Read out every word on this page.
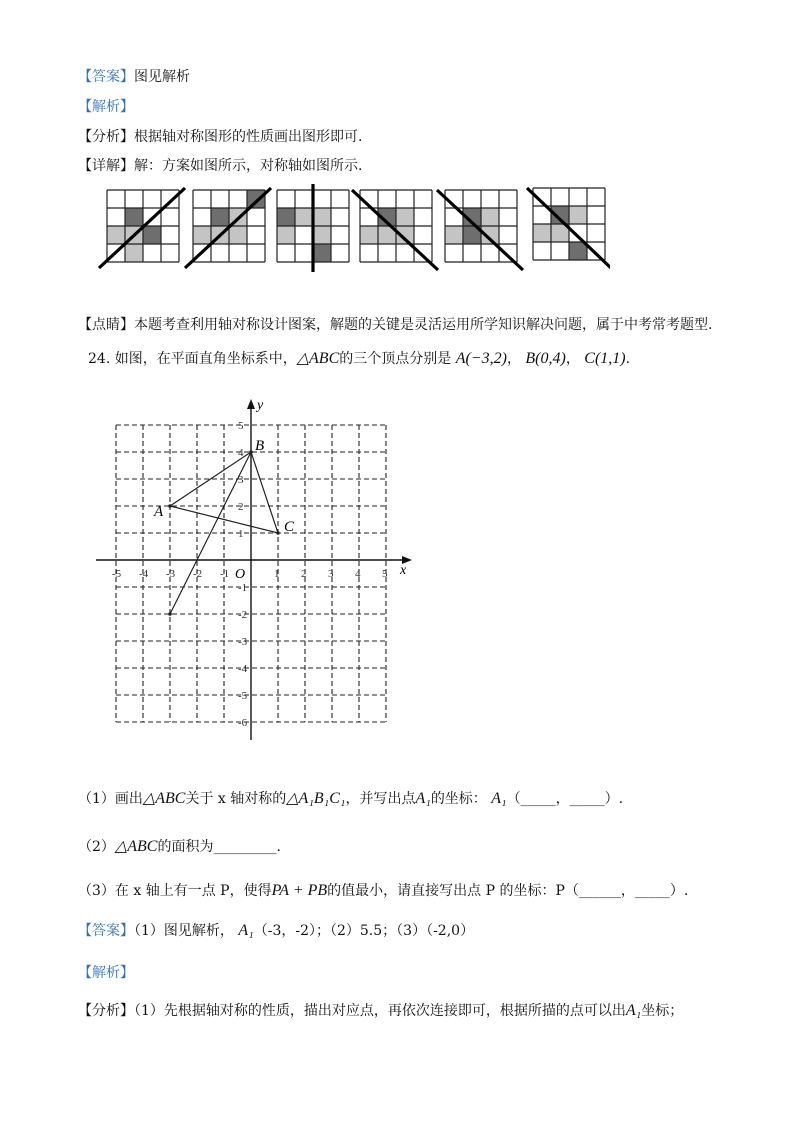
【答案】图见解析
【解析】
【分析】根据轴对称图形的性质画出图形即可.
【详解】解：方案如图所示，对称轴如图所示.
【点睛】本题考查利用轴对称设计图案，解题的关键是灵活运用所学知识解决问题，属于中考常考题型.
24. 如图，在平面直角坐标系中，△ABC的三个顶点分别是 A(−3,2)， B(0,4)， C(1,1).
x
y
O
-5 -4 -3 -2 -1	1 2 3 4 5
5
4
3
2
1
-1
-2
-3
-4
-5
-6
A
B
C
（1）画出△ABC关于 x 轴对称的△A₁B₁C₁，并写出点A₁的坐标： A₁（_____，_____）.
（2）△ABC的面积为_________.
（3）在 x 轴上有一点 P，使得PA + PB的值最小，请直接写出点 P 的坐标：P（______，_____）.
【答案】（1）图见解析， A₁（-3，-2）；（2）5.5；（3）（-2,0）
【解析】
【分析】（1）先根据轴对称的性质，描出对应点，再依次连接即可，根据所描的点可以出A₁坐标；
